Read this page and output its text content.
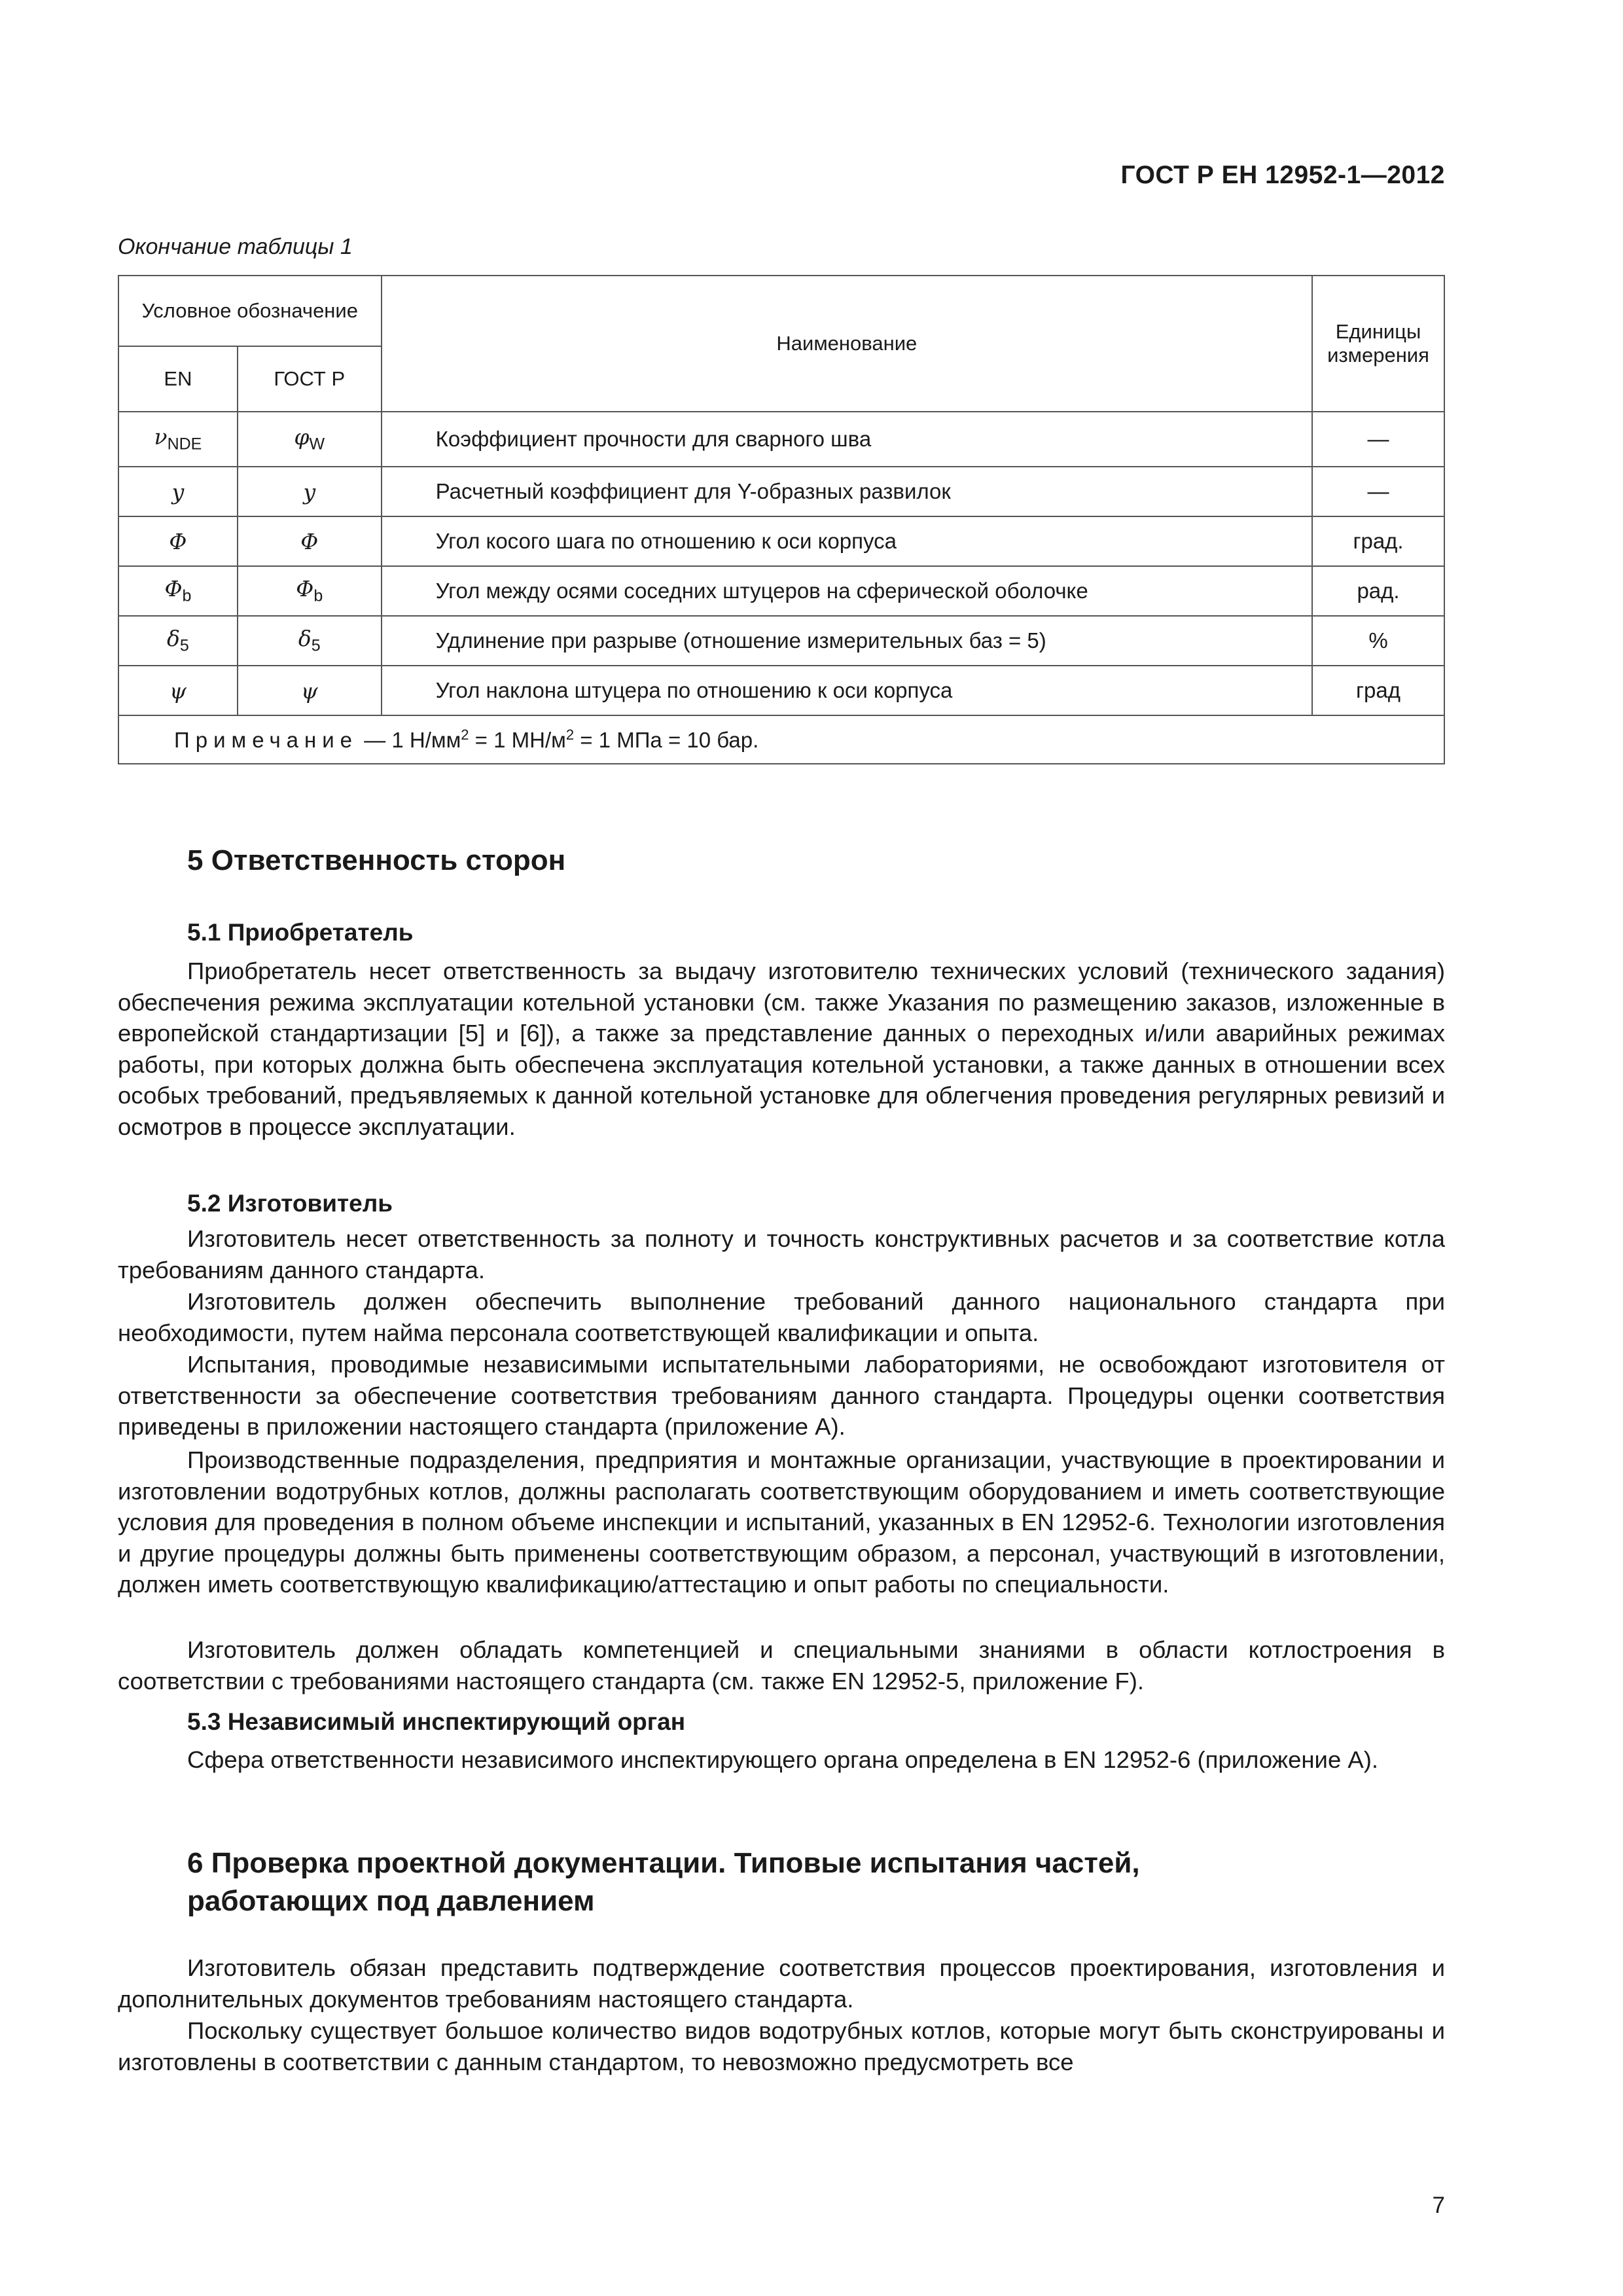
ГОСТ Р ЕН 12952-1—2012
Окончание таблицы 1
Условное обозначение		Наименование	Единицы
измерения
EN	ГОСТ Р		
$\nu_{NDE}$	$\varphi_W$	Коэффициент прочности для сварного шва	—
y	y	Расчетный коэффициент для Y-образных развилок	—
Φ	Φ	Угол косого шага по отношению к оси корпуса	град.
$\Phi_b$	$\Phi_b$	Угол между осями соседних штуцеров на сферической оболочке	рад.
$\delta_5$	$\delta_5$	Удлинение при разрыве (отношение измерительных баз = 5)	%
ψ	ψ	Угол наклона штуцера по отношению к оси корпуса	град
Примечание — 1 $Н/мм^2 = 1$ $МН/м^2 = 1$ МПа = 10 бар.			
5 Ответственность сторон
5.1 Приобретатель

Приобретатель несет ответственность за выдачу изготовителю технических условий (технического задания) обеспечения режима эксплуатации котельной установки (см. также Указания по размещению заказов, изложенные в европейской стандартизации [5] и [6]), а также за представление данных о переходных и/или аварийных режимах работы, при которых должна быть обеспечена эксплуатация котельной установки, а также данных в отношении всех особых требований, предъявляемых к данной котельной установке для облегчения проведения регулярных ревизий и осмотров в процессе эксплуатации.

5.2 Изготовитель

Изготовитель несет ответственность за полноту и точность конструктивных расчетов и за соответствие котла требованиям данного стандарта.

Изготовитель должен обеспечить выполнение требований данного национального стандарта при необходимости, путем найма персонала соответствующей квалификации и опыта.

Испытания, проводимые независимыми испытательными лабораториями, не освобождают изготовителя от ответственности за обеспечение соответствия требованиям данного стандарта. Процедуры оценки соответствия приведены в приложении настоящего стандарта (приложение А).

Производственные подразделения, предприятия и монтажные организации, участвующие в проектировании и изготовлении водотрубных котлов, должны располагать соответствующим оборудованием и иметь соответствующие условия для проведения в полном объеме инспекции и испытаний, указанных в EN 12952-6. Технологии изготовления и другие процедуры должны быть применены соответствующим образом, а персонал, участвующий в изготовлении, должен иметь соответствующую квалификацию/аттестацию и опыт работы по специальности.

Изготовитель должен обладать компетенцией и специальными знаниями в области котлостроения в соответствии с требованиями настоящего стандарта (см. также EN 12952-5, приложение F).

5.3 Независимый инспектирующий орган

Сфера ответственности независимого инспектирующего органа определена в EN 12952-6 (приложение А).

6 Проверка проектной документации. Типовые испытания частей,
работающих под давлением

Изготовитель обязан представить подтверждение соответствия процессов проектирования, изготовления и дополнительных документов требованиям настоящего стандарта.

Поскольку существует большое количество видов водотрубных котлов, которые могут быть сконструированы и изготовлены в соответствии с данным стандартом, то невозможно предусмотреть все

7
